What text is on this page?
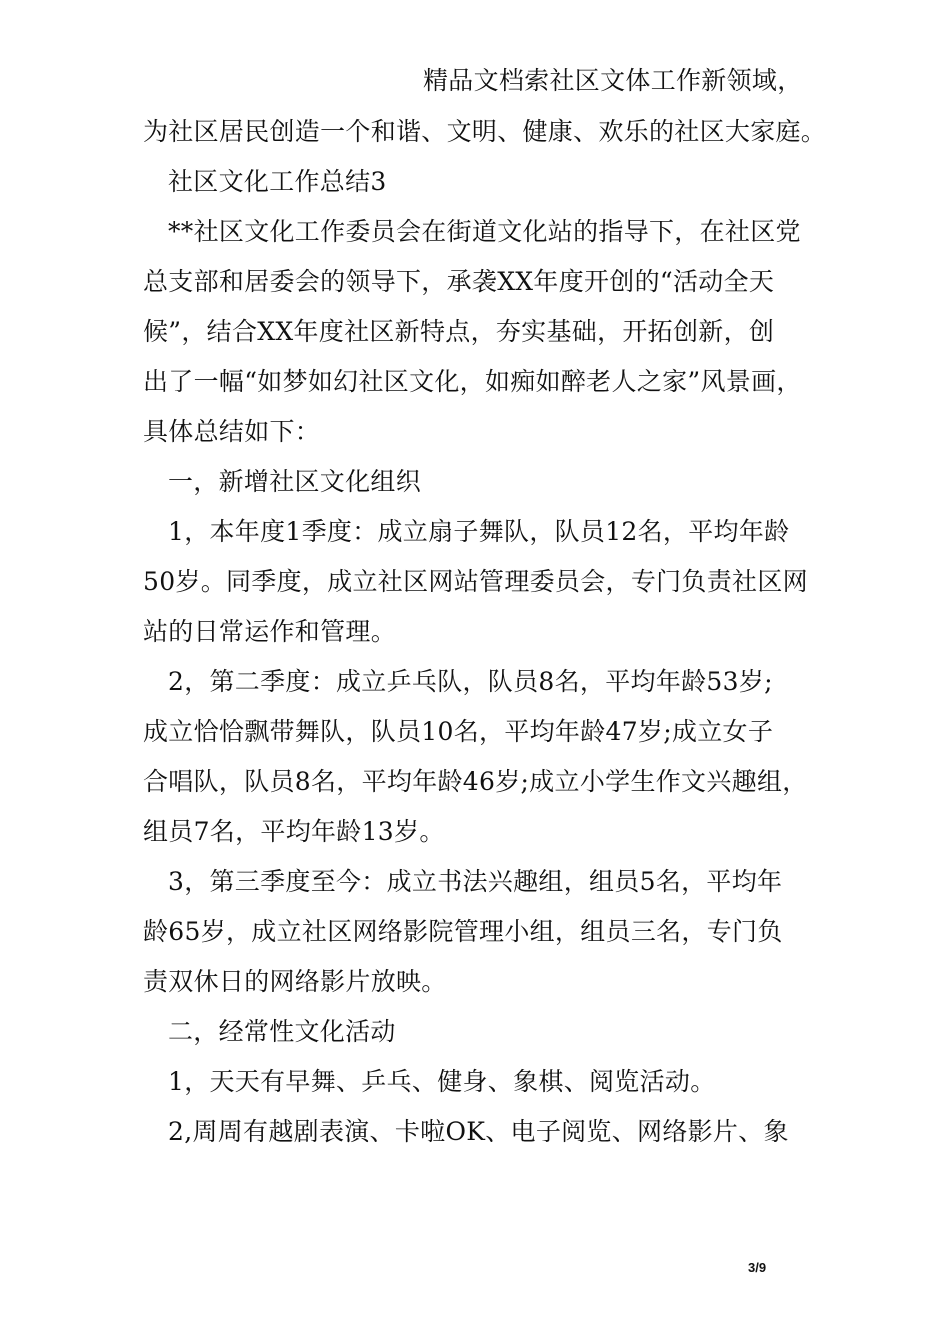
精品文档索社区文体工作新领域，
为社区居民创造一个和谐、文明、健康、欢乐的社区大家庭。
社区文化工作总结3
**社区文化工作委员会在街道文化站的指导下，在社区党
总支部和居委会的领导下，承袭XX年度开创的“活动全天
候”，结合XX年度社区新特点，夯实基础，开拓创新，创
出了一幅“如梦如幻社区文化，如痴如醉老人之家”风景画，
具体总结如下：
一，新增社区文化组织
1，本年度1季度：成立扇子舞队，队员12名，平均年龄
50岁。同季度，成立社区网站管理委员会，专门负责社区网
站的日常运作和管理。
2，第二季度：成立乒乓队，队员8名，平均年龄53岁;
成立恰恰飘带舞队，队员10名，平均年龄47岁;成立女子
合唱队，队员8名，平均年龄46岁;成立小学生作文兴趣组，
组员7名，平均年龄13岁。
3，第三季度至今：成立书法兴趣组，组员5名，平均年
龄65岁，成立社区网络影院管理小组，组员三名，专门负
责双休日的网络影片放映。
二，经常性文化活动
1，天天有早舞、乒乓、健身、象棋、阅览活动。
2,周周有越剧表演、卡啦OK、电子阅览、网络影片、象
3/9
